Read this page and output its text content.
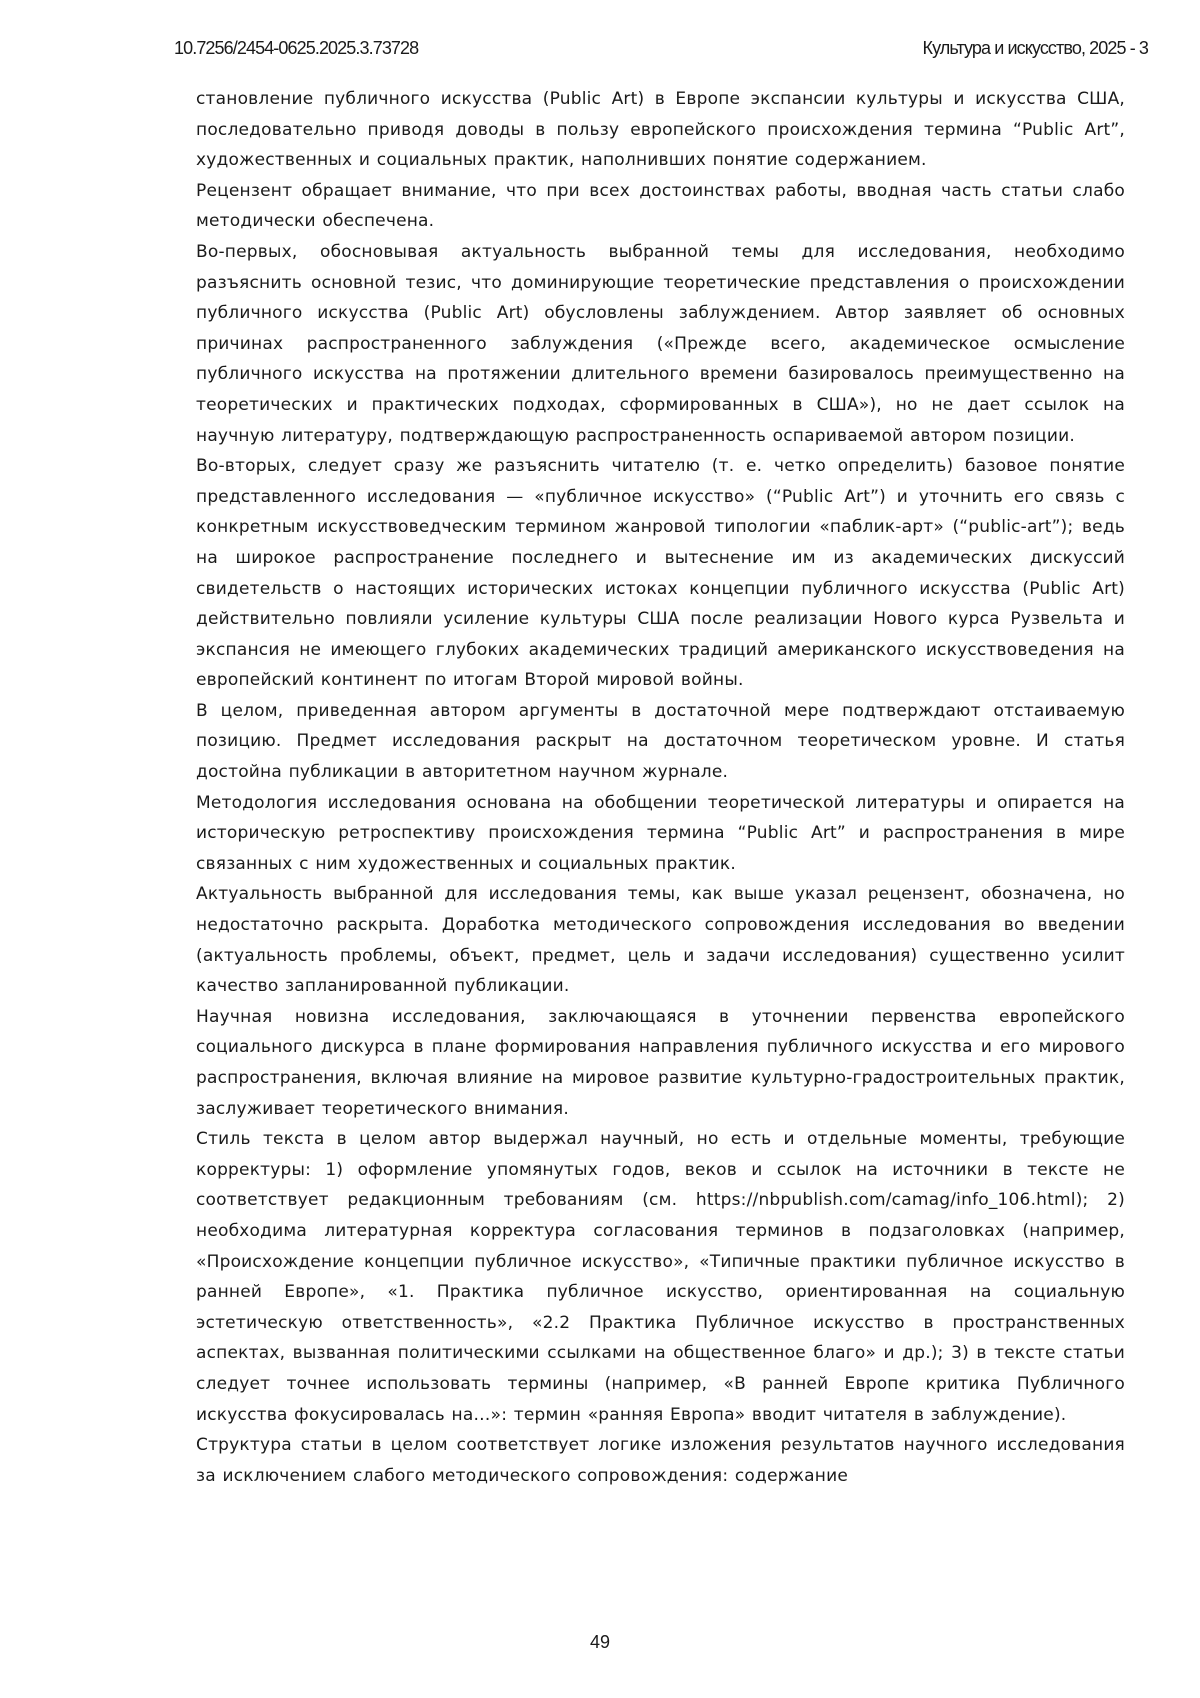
10.7256/2454-0625.2025.3.73728	Культура и искусство, 2025 - 3

становление публичного искусства (Public Art) в Европе экспансии культуры и искусства США, последовательно приводя доводы в пользу европейского происхождения термина “Public Art”, художественных и социальных практик, наполнивших понятие содержанием.

Рецензент обращает внимание, что при всех достоинствах работы, вводная часть статьи слабо методически обеспечена.

Во-первых, обосновывая актуальность выбранной темы для исследования, необходимо разъяснить основной тезис, что доминирующие теоретические представления о происхождении публичного искусства (Public Art) обусловлены заблуждением. Автор заявляет об основных причинах распространенного заблуждения («Прежде всего, академическое осмысление публичного искусства на протяжении длительного времени базировалось преимущественно на теоретических и практических подходах, сформированных в США»), но не дает ссылок на научную литературу, подтверждающую распространенность оспариваемой автором позиции.

Во-вторых, следует сразу же разъяснить читателю (т. е. четко определить) базовое понятие представленного исследования — «публичное искусство» (“Public Art”) и уточнить его связь с конкретным искусствоведческим термином жанровой типологии «паблик-арт» (“public-art”); ведь на широкое распространение последнего и вытеснение им из академических дискуссий свидетельств о настоящих исторических истоках концепции публичного искусства (Public Art) действительно повлияли усиление культуры США после реализации Нового курса Рузвельта и экспансия не имеющего глубоких академических традиций американского искусствоведения на европейский континент по итогам Второй мировой войны.

В целом, приведенная автором аргументы в достаточной мере подтверждают отстаиваемую позицию. Предмет исследования раскрыт на достаточном теоретическом уровне. И статья достойна публикации в авторитетном научном журнале.

Методология исследования основана на обобщении теоретической литературы и опирается на историческую ретроспективу происхождения термина “Public Art” и распространения в мире связанных с ним художественных и социальных практик.

Актуальность выбранной для исследования темы, как выше указал рецензент, обозначена, но недостаточно раскрыта. Доработка методического сопровождения исследования во введении (актуальность проблемы, объект, предмет, цель и задачи исследования) существенно усилит качество запланированной публикации.

Научная новизна исследования, заключающаяся в уточнении первенства европейского социального дискурса в плане формирования направления публичного искусства и его мирового распространения, включая влияние на мировое развитие культурно-градостроительных практик, заслуживает теоретического внимания.

Стиль текста в целом автор выдержал научный, но есть и отдельные моменты, требующие корректуры: 1) оформление упомянутых годов, веков и ссылок на источники в тексте не соответствует редакционным требованиям (см. https://nbpublish.com/camag/info_106.html); 2) необходима литературная корректура согласования терминов в подзаголовках (например, «Происхождение концепции публичное искусство», «Типичные практики публичное искусство в ранней Европе», «1. Практика публичное искусство, ориентированная на социальную эстетическую ответственность», «2.2 Практика Публичное искусство в пространственных аспектах, вызванная политическими ссылками на общественное благо» и др.); 3) в тексте статьи следует точнее использовать термины (например, «В ранней Европе критика Публичного искусства фокусировалась на…»: термин «ранняя Европа» вводит читателя в заблуждение).

Структура статьи в целом соответствует логике изложения результатов научного исследования за исключением слабого методического сопровождения: содержание

49
